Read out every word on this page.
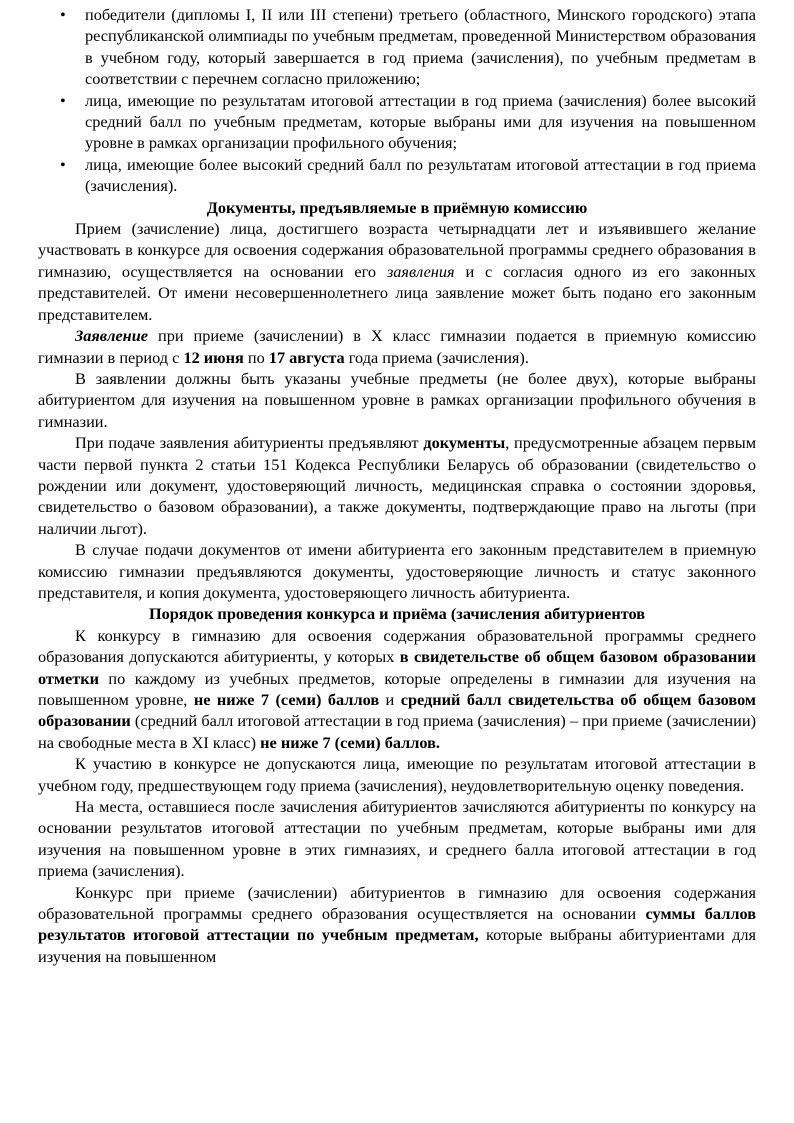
• победители (дипломы I, II или III степени) третьего (областного, Минского городского) этапа республиканской олимпиады по учебным предметам, проведенной Министерством образования в учебном году, который завершается в год приема (зачисления), по учебным предметам в соответствии с перечнем согласно приложению;
• лица, имеющие по результатам итоговой аттестации в год приема (зачисления) более высокий средний балл по учебным предметам, которые выбраны ими для изучения на повышенном уровне в рамках организации профильного обучения;
• лица, имеющие более высокий средний балл по результатам итоговой аттестации в год приема (зачисления).
Документы, предъявляемые в приёмную комиссию

Прием (зачисление) лица, достигшего возраста четырнадцати лет и изъявившего желание участвовать в конкурсе для освоения содержания образовательной программы среднего образования в гимназию, осуществляется на основании его заявления и с согласия одного из его законных представителей. От имени несовершеннолетнего лица заявление может быть подано его законным представителем.

Заявление при приеме (зачислении) в X класс гимназии подается в приемную комиссию гимназии в период с 12 июня по 17 августа года приема (зачисления).

В заявлении должны быть указаны учебные предметы (не более двух), которые выбраны абитуриентом для изучения на повышенном уровне в рамках организации профильного обучения в гимназии.

При подаче заявления абитуриенты предъявляют документы, предусмотренные абзацем первым части первой пункта 2 статьи 151 Кодекса Республики Беларусь об образовании (свидетельство о рождении или документ, удостоверяющий личность, медицинская справка о состоянии здоровья, свидетельство о базовом образовании), а также документы, подтверждающие право на льготы (при наличии льгот).

В случае подачи документов от имени абитуриента его законным представителем в приемную комиссию гимназии предъявляются документы, удостоверяющие личность и статус законного представителя, и копия документа, удостоверяющего личность абитуриента.

Порядок проведения конкурса и приёма (зачисления абитуриентов

К конкурсу в гимназию для освоения содержания образовательной программы среднего образования допускаются абитуриенты, у которых в свидетельстве об общем базовом образовании отметки по каждому из учебных предметов, которые определены в гимназии для изучения на повышенном уровне, не ниже 7 (семи) баллов и средний балл свидетельства об общем базовом образовании (средний балл итоговой аттестации в год приема (зачисления) – при приеме (зачислении) на свободные места в XI класс) не ниже 7 (семи) баллов.

К участию в конкурсе не допускаются лица, имеющие по результатам итоговой аттестации в учебном году, предшествующем году приема (зачисления), неудовлетворительную оценку поведения.

На места, оставшиеся после зачисления абитуриентов зачисляются абитуриенты по конкурсу на основании результатов итоговой аттестации по учебным предметам, которые выбраны ими для изучения на повышенном уровне в этих гимназиях, и среднего балла итоговой аттестации в год приема (зачисления).

Конкурс при приеме (зачислении) абитуриентов в гимназию для освоения содержания образовательной программы среднего образования осуществляется на основании суммы баллов результатов итоговой аттестации по учебным предметам, которые выбраны абитуриентами для изучения на повышенном
